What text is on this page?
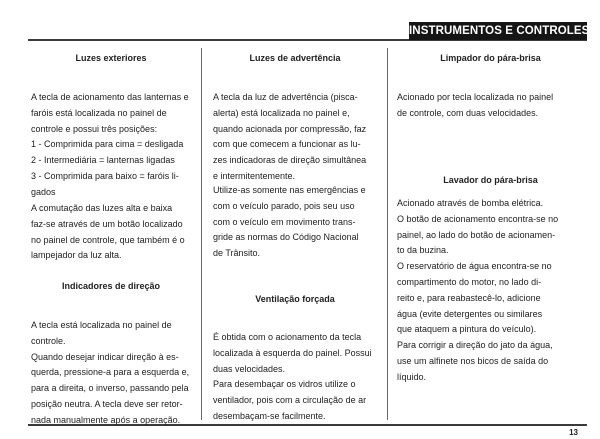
INSTRUMENTOS E CONTROLES
Luzes exteriores

A tecla de acionamento das lanternas e
faróis está localizada no painel de
controle e possui três posições:
1 - Comprimida para cima = desligada
2 - Intermediária = lanternas ligadas
3 - Comprimida para baixo = faróis li-
gados

A comutação das luzes alta e baixa
faz-se através de um botão localizado
no painel de controle, que também é o
lampejador da luz alta.

Indicadores de direção

A tecla está localizada no painel de
controle.
Quando desejar indicar direção à es-
querda, pressione-a para a esquerda e,
para a direita, o inverso, passando pela
posição neutra. A tecla deve ser retor-
nada manualmente após a operação.

Luzes de advertência

A tecla da luz de advertência (pisca-
alerta) está localizada no painel e,
quando acionada por compressão, faz
com que comecem a funcionar as lu-
zes indicadoras de direção simultânea
e intermitentemente.

Utilize-as somente nas emergências e
com o veículo parado, pois seu uso
com o veículo em movimento trans-
gride as normas do Código Nacional
de Trânsito.

Ventilação forçada

É obtida com o acionamento da tecla
localizada à esquerda do painel. Possui
duas velocidades.
Para desembaçar os vidros utilize o
ventilador, pois com a circulação de ar
desembaçam-se facilmente.

Limpador do pára-brisa

Acionado por tecla localizada no painel
de controle, com duas velocidades.

Lavador do pára-brisa

Acionado através de bomba elétrica.
O botão de acionamento encontra-se no
painel, ao lado do botão de acionamen-
to da buzina.
O reservatório de água encontra-se no
compartimento do motor, no lado di-
reito e, para reabastecê-lo, adicione
água (evite detergentes ou similares
que ataquem a pintura do veículo).
Para corrigir a direção do jato da água,
use um alfinete nos bicos de saída do
líquido.

13
